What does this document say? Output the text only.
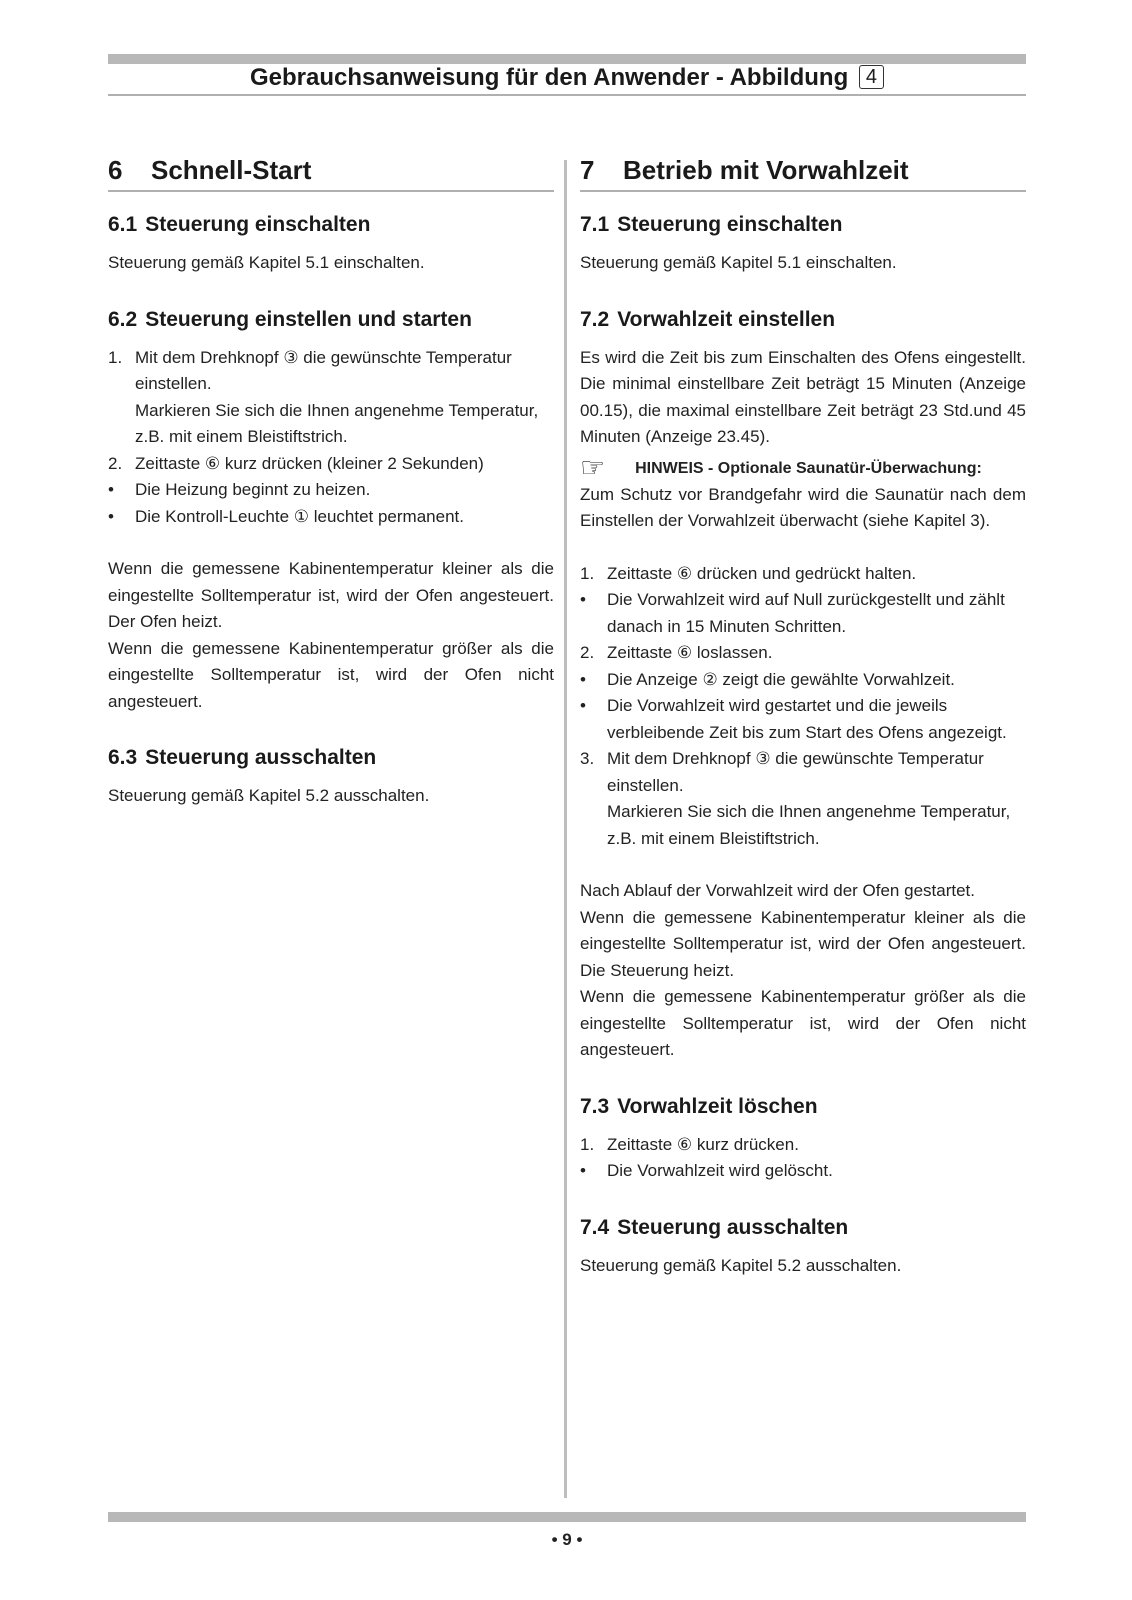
Gebrauchsanweisung für den Anwender - Abbildung 4
6 Schnell-Start
6.1 Steuerung einschalten

Steuerung gemäß Kapitel 5.1 einschalten.

6.2 Steuerung einstellen und starten
1. Mit dem Drehknopf ③ die gewünschte Temperatur einstellen.
Markieren Sie sich die Ihnen angenehme Temperatur, z.B. mit einem Bleistiftstrich.
2. Zeittaste ⑥ kurz drücken (kleiner 2 Sekunden)
• Die Heizung beginnt zu heizen.
• Die Kontroll-Leuchte ① leuchtet permanent.

Wenn die gemessene Kabinentemperatur kleiner als die eingestellte Solltemperatur ist, wird der Ofen angesteuert. Der Ofen heizt.

Wenn die gemessene Kabinentemperatur größer als die eingestellte Solltemperatur ist, wird der Ofen nicht angesteuert.

6.3 Steuerung ausschalten

Steuerung gemäß Kapitel 5.2 ausschalten.

7 Betrieb mit Vorwahlzeit
7.1 Steuerung einschalten

Steuerung gemäß Kapitel 5.1 einschalten.

7.2 Vorwahlzeit einstellen

Es wird die Zeit bis zum Einschalten des Ofens eingestellt. Die minimal einstellbare Zeit beträgt 15 Minuten (Anzeige 00.15), die maximal einstellbare Zeit beträgt 23 Std.und 45 Minuten (Anzeige 23.45).

☞ HINWEIS - Optionale Saunatür-Überwachung:

Zum Schutz vor Brandgefahr wird die Saunatür nach dem Einstellen der Vorwahlzeit überwacht (siehe Kapitel 3).

1. Zeittaste ⑥ drücken und gedrückt halten.
• Die Vorwahlzeit wird auf Null zurückgestellt und zählt danach in 15 Minuten Schritten.
2. Zeittaste ⑥ loslassen.
• Die Anzeige ② zeigt die gewählte Vorwahlzeit.
• Die Vorwahlzeit wird gestartet und die jeweils verbleibende Zeit bis zum Start des Ofens angezeigt.
3. Mit dem Drehknopf ③ die gewünschte Temperatur einstellen.
Markieren Sie sich die Ihnen angenehme Temperatur, z.B. mit einem Bleistiftstrich.

Nach Ablauf der Vorwahlzeit wird der Ofen gestartet.

Wenn die gemessene Kabinentemperatur kleiner als die eingestellte Solltemperatur ist, wird der Ofen angesteuert. Die Steuerung heizt.

Wenn die gemessene Kabinentemperatur größer als die eingestellte Solltemperatur ist, wird der Ofen nicht angesteuert.

7.3 Vorwahlzeit löschen
1. Zeittaste ⑥ kurz drücken.
• Die Vorwahlzeit wird gelöscht.
7.4 Steuerung ausschalten

Steuerung gemäß Kapitel 5.2 ausschalten.

• 9 •
